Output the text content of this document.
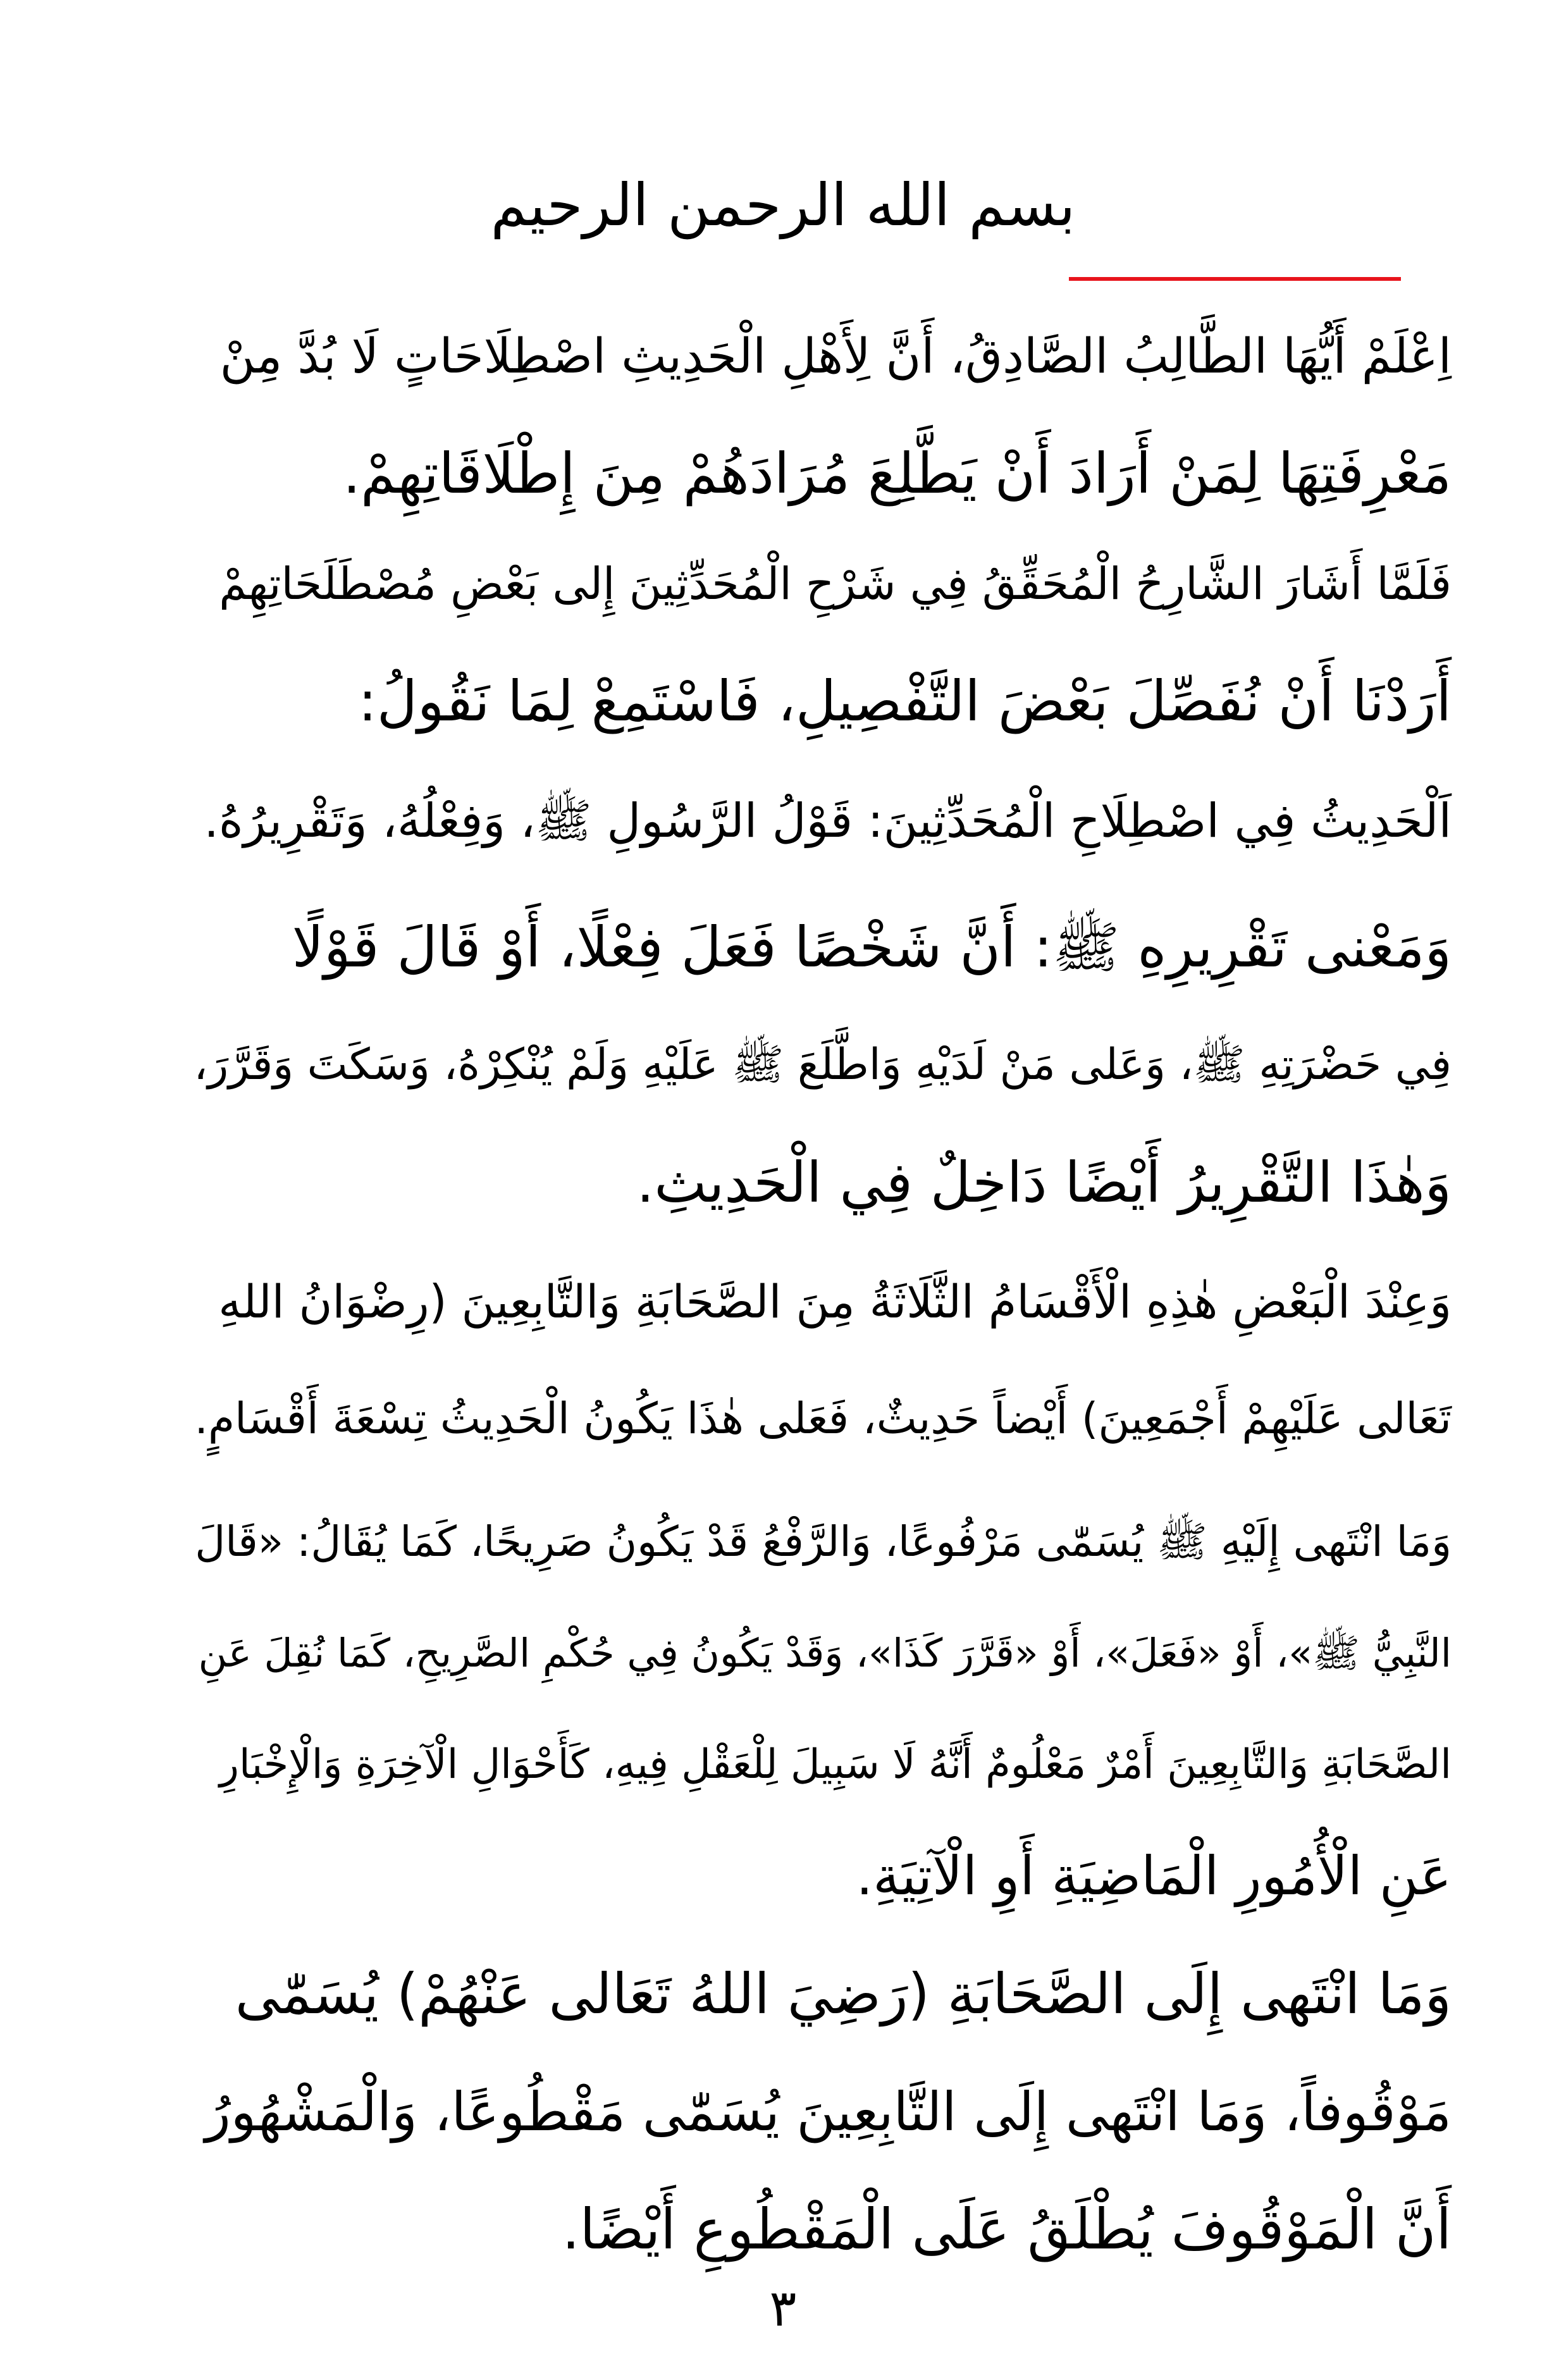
بسم الله الرحمن الرحيم

اِعْلَمْ أَيُّهَا الطَّالِبُ الصَّادِقُ، أَنَّ لِأَهْلِ الْحَدِيثِ اصْطِلَاحَاتٍ لَا بُدَّ مِنْ

مَعْرِفَتِهَا لِمَنْ أَرَادَ أَنْ يَطَّلِعَ مُرَادَهُمْ مِنَ إِطْلَاقَاتِهِمْ.

فَلَمَّا أَشَارَ الشَّارِحُ الْمُحَقِّقُ فِي شَرْحِ الْمُحَدِّثِينَ إِلى بَعْضِ مُصْطَلَحَاتِهِمْ

أَرَدْنَا أَنْ نُفَصِّلَ بَعْضَ التَّفْصِيلِ، فَاسْتَمِعْ لِمَا نَقُولُ:

اَلْحَدِيثُ فِي اصْطِلَاحِ الْمُحَدِّثِينَ: قَوْلُ الرَّسُولِ ﷺ، وَفِعْلُهُ، وَتَقْرِيرُهُ.

وَمَعْنى تَقْرِيرِهِ ﷺ: أَنَّ شَخْصًا فَعَلَ فِعْلًا، أَوْ قَالَ قَوْلًا

فِي حَضْرَتِهِ ﷺ، وَعَلى مَنْ لَدَيْهِ وَاطَّلَعَ ﷺ عَلَيْهِ وَلَمْ يُنْكِرْهُ، وَسَكَتَ وَقَرَّرَ،

وَهٰذَا التَّقْرِيرُ أَيْضًا دَاخِلٌ فِي الْحَدِيثِ.

وَعِنْدَ الْبَعْضِ هٰذِهِ الْأَقْسَامُ الثَّلَاثَةُ مِنَ الصَّحَابَةِ وَالتَّابِعِينَ (رِضْوَانُ اللهِ

تَعَالى عَلَيْهِمْ أَجْمَعِينَ) أَيْضاً حَدِيثٌ، فَعَلى هٰذَا يَكُونُ الْحَدِيثُ تِسْعَةَ أَقْسَامٍ.

وَمَا انْتَهى إِلَيْهِ ﷺ يُسَمّٰى مَرْفُوعًا، وَالرَّفْعُ قَدْ يَكُونُ صَرِيحًا، كَمَا يُقَالُ: «قَالَ

النَّبِيُّ ﷺ»، أَوْ «فَعَلَ»، أَوْ «قَرَّرَ كَذَا»، وَقَدْ يَكُونُ فِي حُكْمِ الصَّرِيحِ، كَمَا نُقِلَ عَنِ

الصَّحَابَةِ وَالتَّابِعِينَ أَمْرٌ مَعْلُومٌ أَنَّهُ لَا سَبِيلَ لِلْعَقْلِ فِيهِ، كَأَحْوَالِ الْآخِرَةِ وَالْإِخْبَارِ

عَنِ الْأُمُورِ الْمَاضِيَةِ أَوِ الْآتِيَةِ.

وَمَا انْتَهى إِلَى الصَّحَابَةِ (رَضِيَ اللهُ تَعَالى عَنْهُمْ) يُسَمّٰى

مَوْقُوفاً، وَمَا انْتَهى إِلَى التَّابِعِينَ يُسَمّٰى مَقْطُوعًا، وَالْمَشْهُورُ

أَنَّ الْمَوْقُوفَ يُطْلَقُ عَلَى الْمَقْطُوعِ أَيْضًا.

٣
